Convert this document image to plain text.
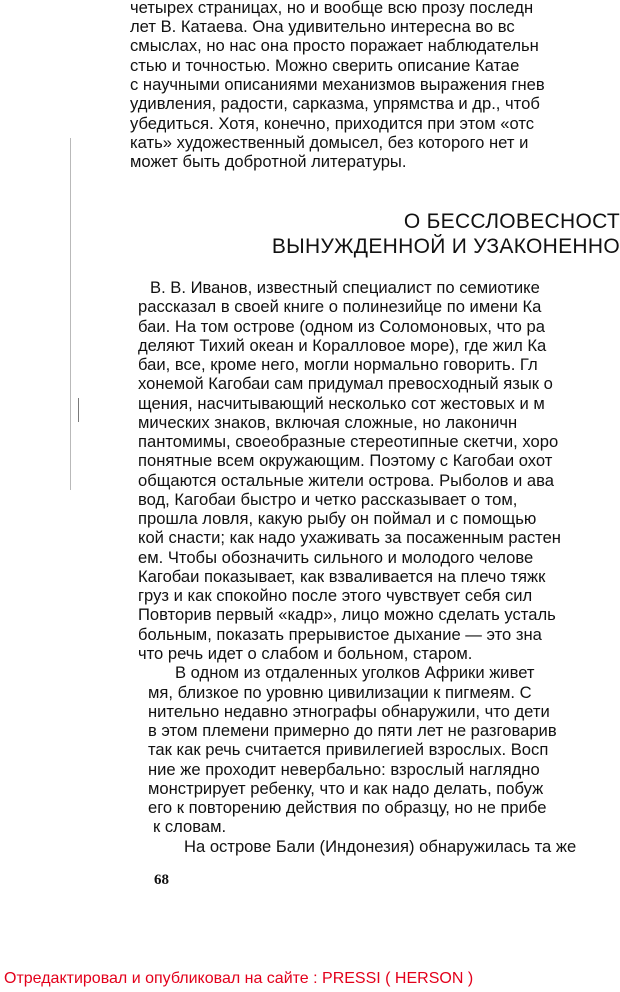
четырех страницах, но и вообще всю прозу последн
лет В. Катаева. Она удивительно интересна во вс
смыслах, но нас она просто поражает наблюдательн
стью и точностью. Можно сверить описание Катае
с научными описаниями механизмов выражения гнев
удивления, радости, сарказма, упрямства и др., чтоб
убедиться. Хотя, конечно, приходится при этом «отс
кать» художественный домысел, без которого нет и
может быть добротной литературы.
О БЕССЛОВЕСНОСТ
ВЫНУЖДЕННОЙ И УЗАКОНЕННО
В. В. Иванов, известный специалист по семиотике
рассказал в своей книге о полинезийце по имени Ка
баи. На том острове (одном из Соломоновых, что ра
деляют Тихий океан и Коралловое море), где жил Ка
баи, все, кроме него, могли нормально говорить. Гл
хонемой Кагобаи сам придумал превосходный язык о
щения, насчитывающий несколько сот жестовых и м
мических знаков, включая сложные, но лаконичн
пантомимы, своеобразные стереотипные скетчи, хоро
понятные всем окружающим. Поэтому с Кагобаи охот
общаются остальные жители острова. Рыболов и ава
вод, Кагобаи быстро и четко рассказывает о том,
прошла ловля, какую рыбу он поймал и с помощью
кой снасти; как надо ухаживать за посаженным растен
ем. Чтобы обозначить сильного и молодого челове
Кагобаи показывает, как взваливается на плечо тяжк
груз и как спокойно после этого чувствует себя сил
Повторив первый «кадр», лицо можно сделать усталь
больным, показать прерывистое дыхание — это зна
что речь идет о слабом и больном, старом.
В одном из отдаленных уголков Африки живет
мя, близкое по уровню цивилизации к пигмеям. С
нительно недавно этнографы обнаружили, что дети
в этом племени примерно до пяти лет не разговарив
так как речь считается привилегией взрослых. Восп
ние же проходит невербально: взрослый наглядно
монстрирует ребенку, что и как надо делать, побуж
его к повторению действия по образцу, но не прибе
к словам.
На острове Бали (Индонезия) обнаружилась та же
68
Отредактировал и опубликовал на сайте : PRESSI ( HERSON )
